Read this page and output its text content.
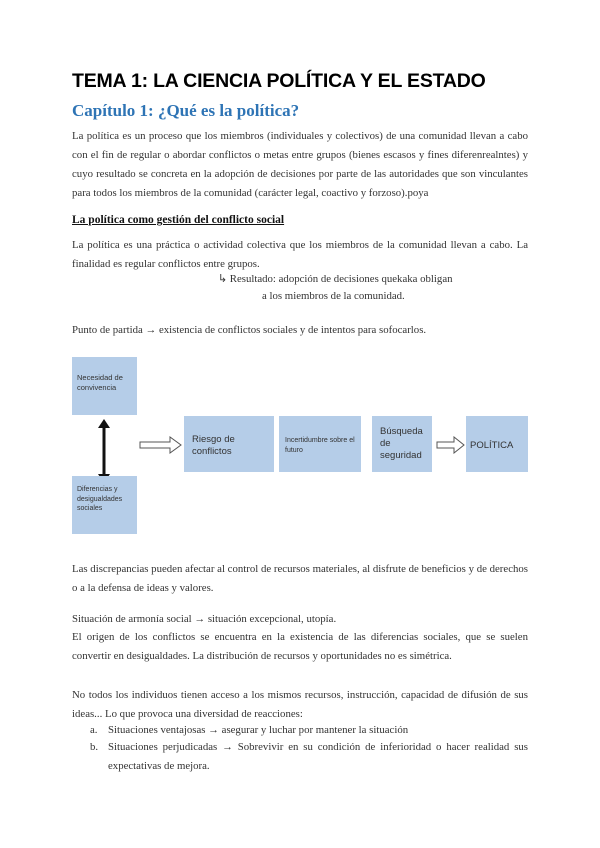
TEMA 1: LA CIENCIA POLÍTICA Y EL ESTADO
Capítulo 1: ¿Qué es la política?
La política es un proceso que los miembros (individuales y colectivos) de una comunidad llevan a cabo con el fin de regular o abordar conflictos o metas entre grupos (bienes escasos y fines diferenrealntes) y cuyo resultado se concreta en la adopción de decisiones por parte de las autoridades que son vinculantes para todos los miembros de la comunidad (carácter legal, coactivo y forzoso).poya
La política como gestión del conflicto social
La política es una práctica o actividad colectiva que los miembros de la comunidad llevan a cabo. La finalidad es regular conflictos entre grupos.
↳ Resultado: adopción de decisiones quekaka obligan
a los miembros de la comunidad.
Punto de partida → existencia de conflictos sociales y de intentos para sofocarlos.
Necesidad de convivencia
Diferencias y desigualdades sociales
Riesgo de conflictos
Incertidumbre sobre el futuro
Búsqueda de seguridad
POLÍTICA
Las discrepancias pueden afectar al control de recursos materiales, al disfrute de beneficios y de derechos o a la defensa de ideas y valores.
Situación de armonía social → situación excepcional, utopía.
El origen de los conflictos se encuentra en la existencia de las diferencias sociales, que se suelen convertir en desigualdades. La distribución de recursos y oportunidades no es simétrica.
No todos los individuos tienen acceso a los mismos recursos, instrucción, capacidad de difusión de sus ideas... Lo que provoca una diversidad de reacciones:
a. Situaciones ventajosas → asegurar y luchar por mantener la situación
b. Situaciones perjudicadas → Sobrevivir en su condición de inferioridad o hacer realidad sus expectativas de mejora.
